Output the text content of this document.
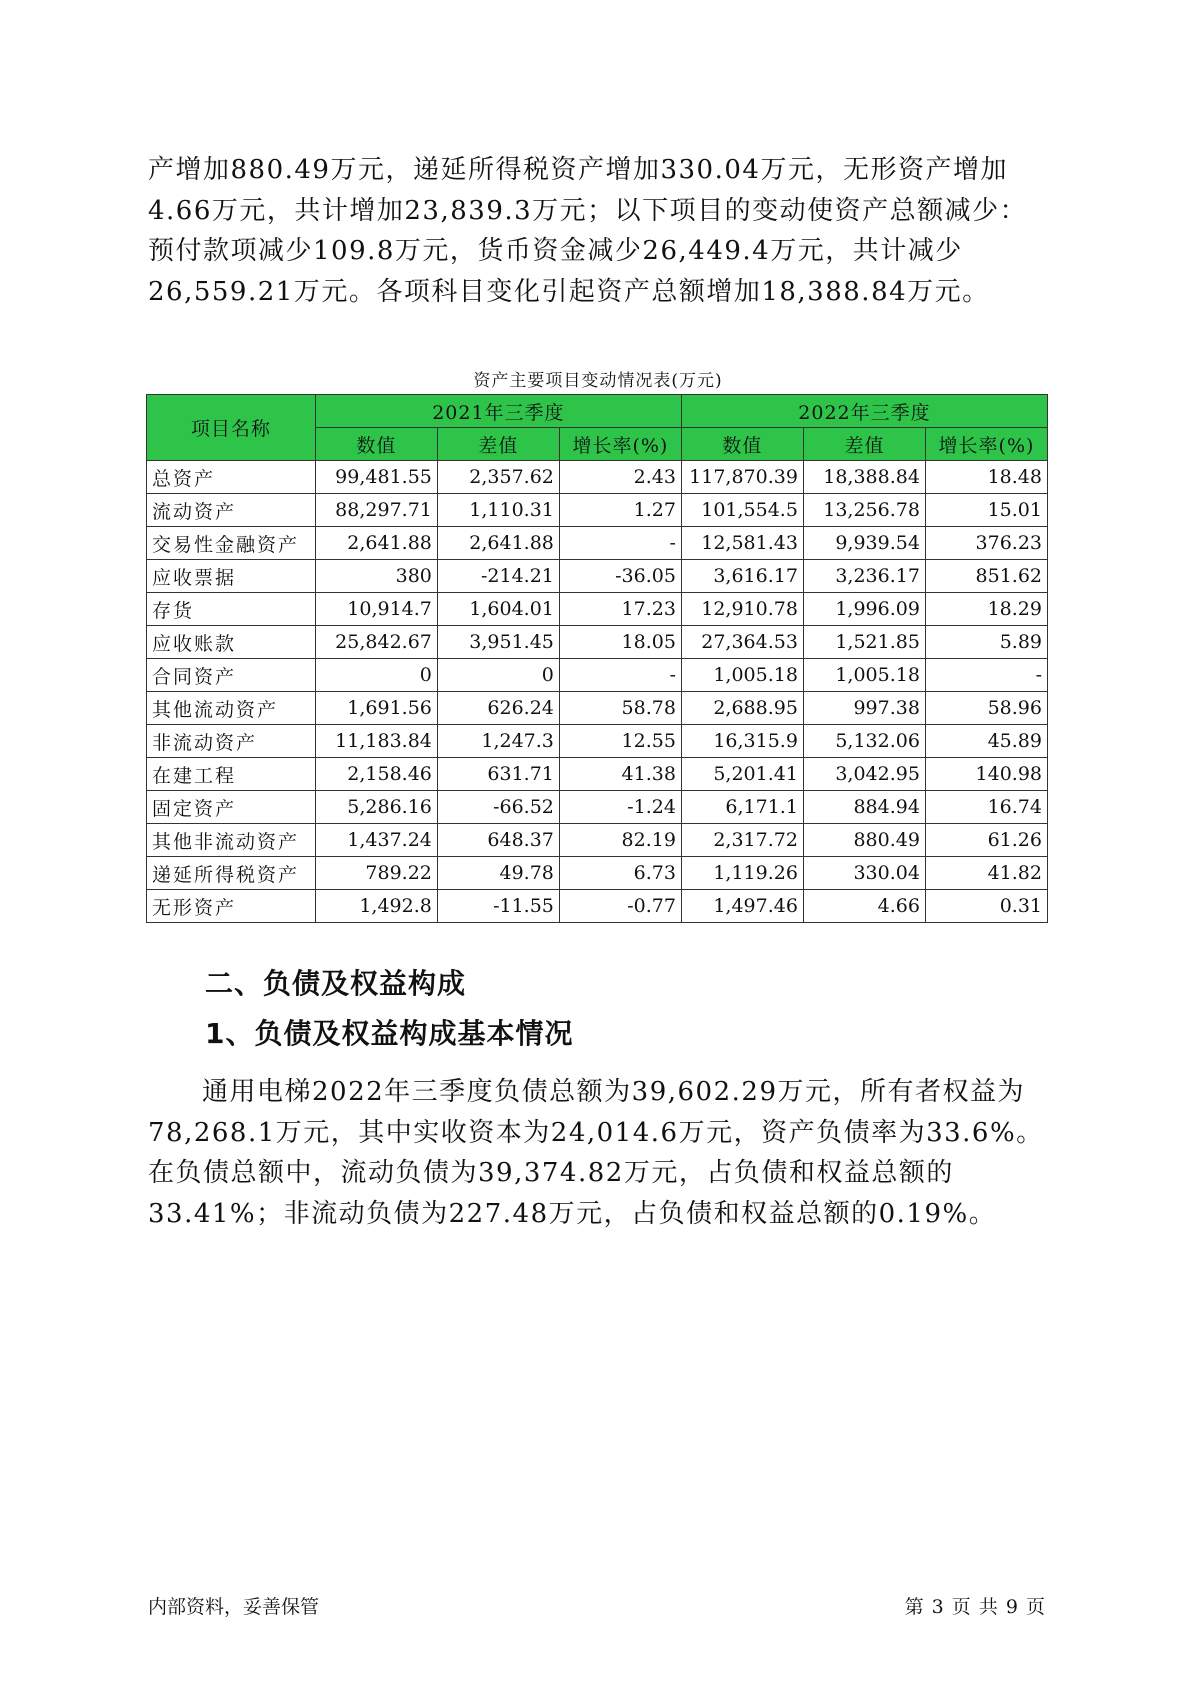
产增加880.49万元，递延所得税资产增加330.04万元，无形资产增加4.66万元，共计增加23,839.3万元；以下项目的变动使资产总额减少：预付款项减少109.8万元，货币资金减少26,449.4万元，共计减少26,559.21万元。各项科目变化引起资产总额增加18,388.84万元。

资产主要项目变动情况表(万元)
项目名称	2021年三季度			2022年三季度		
	数值	差值	增长率(%)	数值	差值	增长率(%)
总资产	99,481.55	2,357.62	2.43	117,870.39	18,388.84	18.48
流动资产	88,297.71	1,110.31	1.27	101,554.5	13,256.78	15.01
交易性金融资产	2,641.88	2,641.88	-	12,581.43	9,939.54	376.23
应收票据	380	-214.21	-36.05	3,616.17	3,236.17	851.62
存货	10,914.7	1,604.01	17.23	12,910.78	1,996.09	18.29
应收账款	25,842.67	3,951.45	18.05	27,364.53	1,521.85	5.89
合同资产	0	0	-	1,005.18	1,005.18	-
其他流动资产	1,691.56	626.24	58.78	2,688.95	997.38	58.96
非流动资产	11,183.84	1,247.3	12.55	16,315.9	5,132.06	45.89
在建工程	2,158.46	631.71	41.38	5,201.41	3,042.95	140.98
固定资产	5,286.16	-66.52	-1.24	6,171.1	884.94	16.74
其他非流动资产	1,437.24	648.37	82.19	2,317.72	880.49	61.26
递延所得税资产	789.22	49.78	6.73	1,119.26	330.04	41.82
无形资产	1,492.8	-11.55	-0.77	1,497.46	4.66	0.31
二、负债及权益构成
1、负债及权益构成基本情况

通用电梯2022年三季度负债总额为39,602.29万元，所有者权益为78,268.1万元，其中实收资本为24,014.6万元，资产负债率为33.6%。在负债总额中，流动负债为39,374.82万元，占负债和权益总额的33.41%；非流动负债为227.48万元，占负债和权益总额的0.19%。

内部资料，妥善保管	第 3 页 共 9 页
